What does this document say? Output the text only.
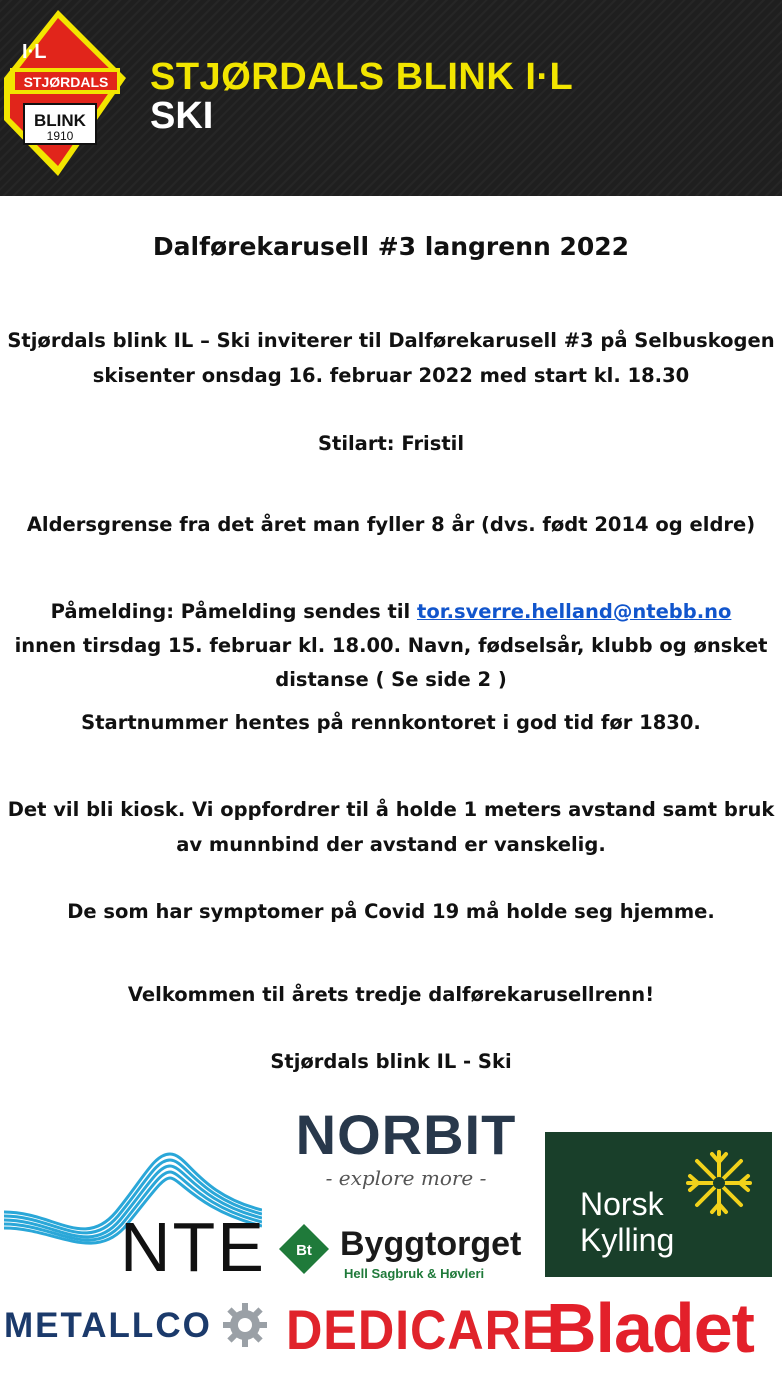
I·L
STJØRDALS
BLINK
1910
STJØRDALS BLINK I·L
SKI
Dalførekarusell #3 langrenn 2022
Stjørdals blink IL – Ski inviterer til Dalførekarusell #3 på Selbuskogen
skisenter onsdag 16. februar 2022 med start kl. 18.30
Stilart: Fristil
Aldersgrense fra det året man fyller 8 år (dvs. født 2014 og eldre)
Påmelding: Påmelding sendes til tor.sverre.helland@ntebb.no
innen tirsdag 15. februar kl. 18.00. Navn, fødselsår, klubb og ønsket
distanse ( Se side 2 )
Startnummer hentes på rennkontoret i god tid før 1830.
Det vil bli kiosk. Vi oppfordrer til å holde 1 meters avstand samt bruk
av munnbind der avstand er vanskelig.
De som har symptomer på Covid 19 må holde seg hjemme.
Velkommen til årets tredje dalførekarusellrenn!
Stjørdals blink IL - Ski
NORBIT
- explore more -
NTE Bt Byggtorget
Hell Sagbruk & Høvleri
Norsk
Kylling
METALLCO DEDICARE
Bladet
